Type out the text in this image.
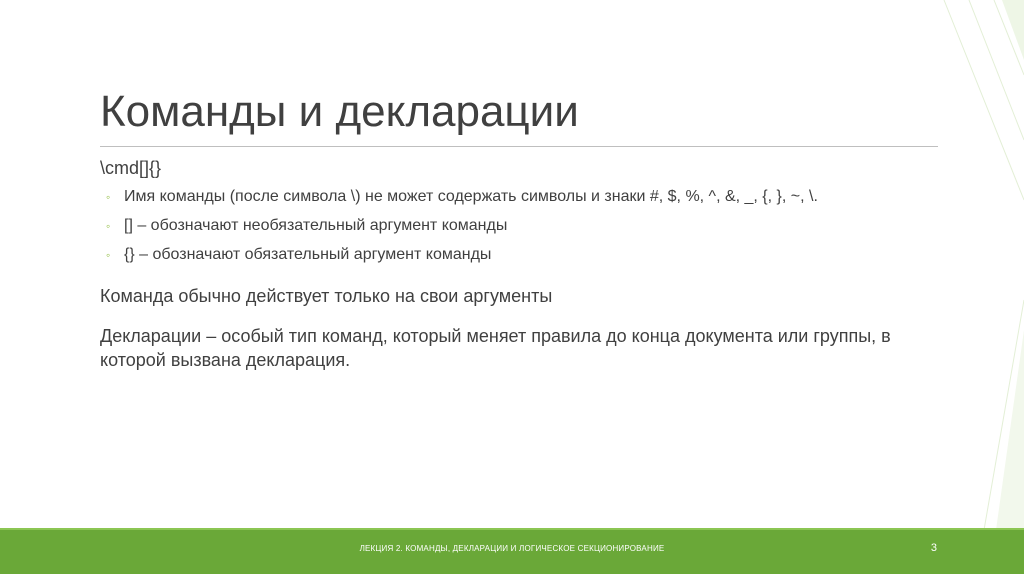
Команды и декларации

\cmd[]{}

◦ Имя команды (после символа \) не может содержать символы и знаки #, $, %, ^, &, _, {, }, ~, \.
◦ [] – обозначают необязательный аргумент команды
◦ {} – обозначают обязательный аргумент команды

Команда обычно действует только на свои аргументы

Декларации – особый тип команд, который меняет правила до конца документа или группы, в которой вызвана декларация.

ЛЕКЦИЯ 2. КОМАНДЫ, ДЕКЛАРАЦИИ И ЛОГИЧЕСКОЕ СЕКЦИОНИРОВАНИЕ	3
